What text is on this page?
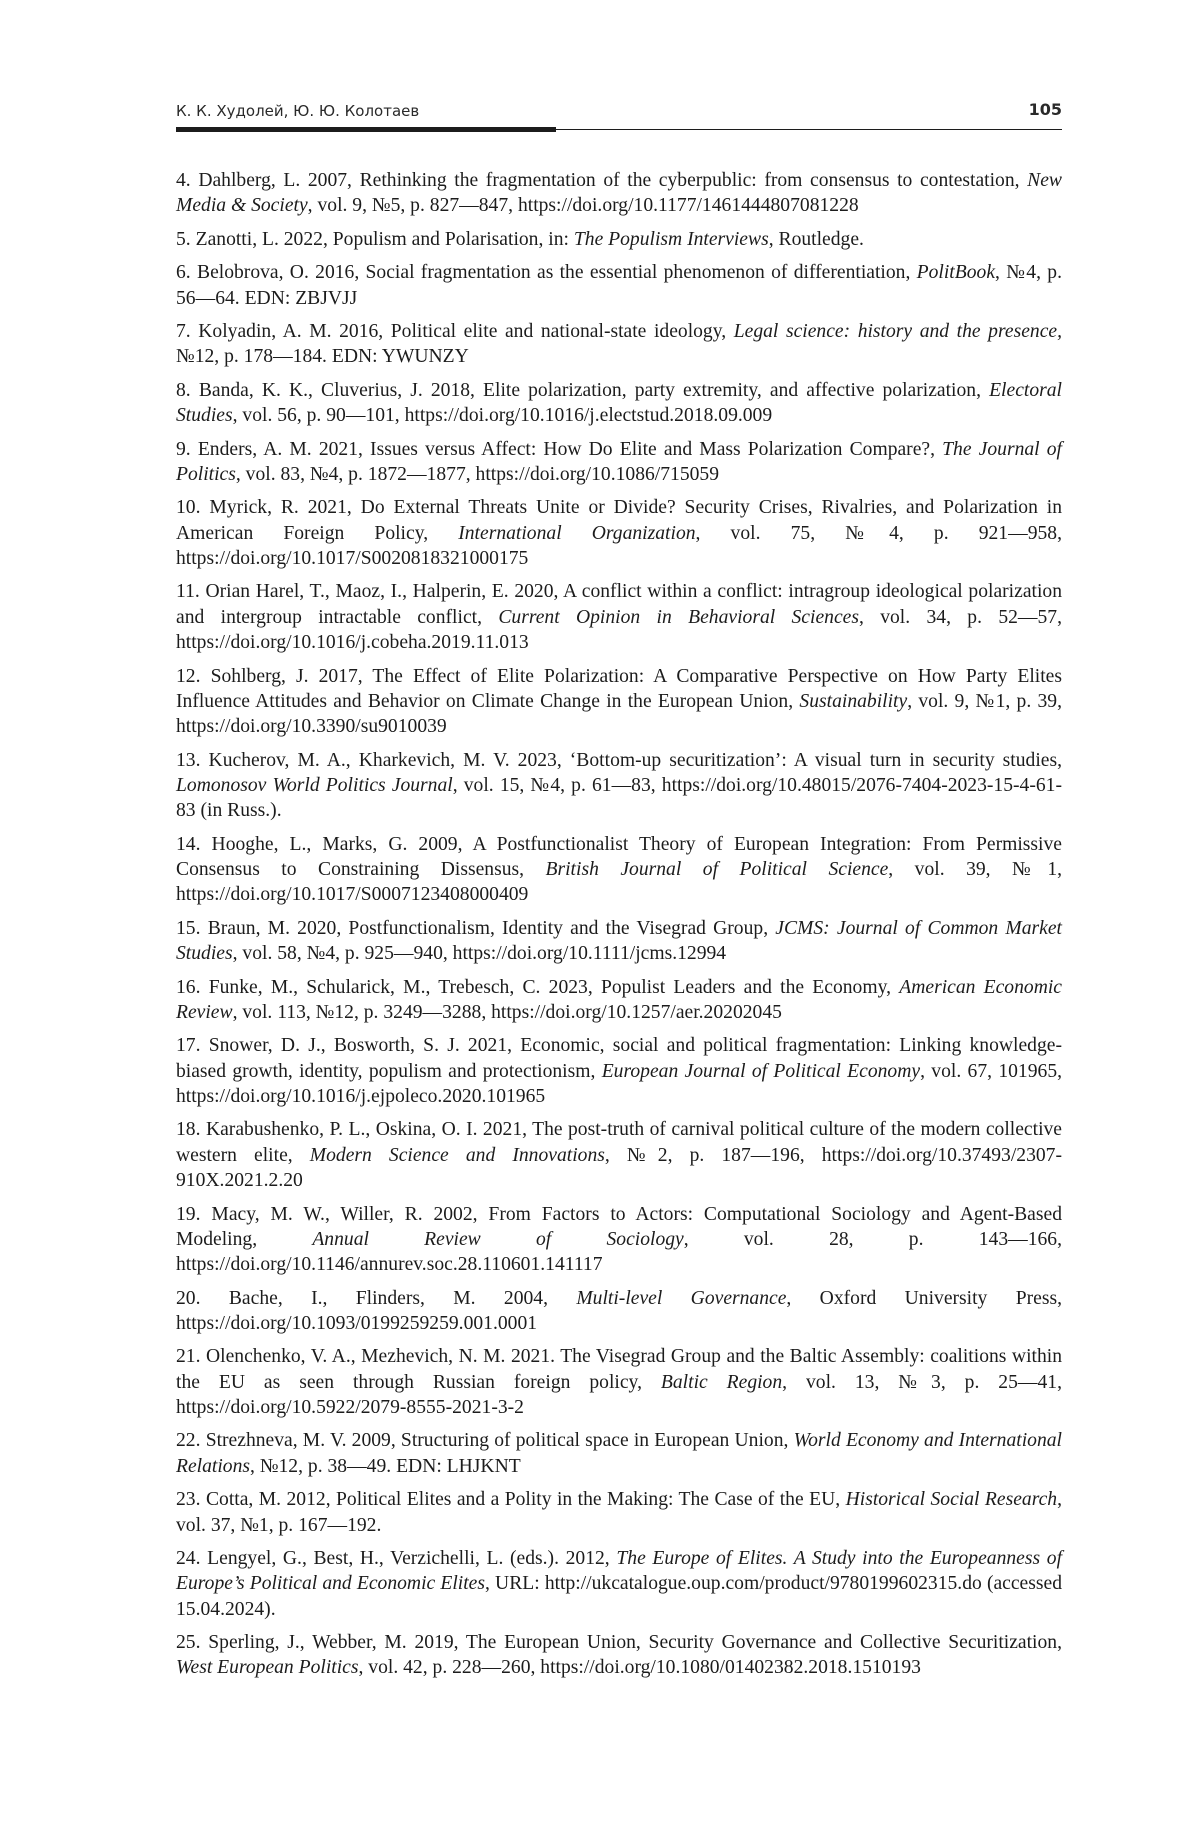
К. К. Худолей, Ю. Ю. Колотаев	105
4. Dahlberg, L. 2007, Rethinking the fragmentation of the cyberpublic: from consensus to contestation, New Media & Society, vol. 9, №5, p. 827—847, https://doi.org/10.1177/1461444807081228
5. Zanotti, L. 2022, Populism and Polarisation, in: The Populism Interviews, Routledge.
6. Belobrova, O. 2016, Social fragmentation as the essential phenomenon of differentiation, PolitBook, №4, p. 56—64. EDN: ZBJVJJ
7. Kolyadin, A. M. 2016, Political elite and national-state ideology, Legal science: history and the presence, №12, p. 178—184. EDN: YWUNZY
8. Banda, K. K., Cluverius, J. 2018, Elite polarization, party extremity, and affective polarization, Electoral Studies, vol. 56, p. 90—101, https://doi.org/10.1016/j.electstud.2018.09.009
9. Enders, A. M. 2021, Issues versus Affect: How Do Elite and Mass Polarization Compare?, The Journal of Politics, vol. 83, №4, p. 1872—1877, https://doi.org/10.1086/715059
10. Myrick, R. 2021, Do External Threats Unite or Divide? Security Crises, Rivalries, and Polarization in American Foreign Policy, International Organization, vol. 75, №4, p. 921—958, https://doi.org/10.1017/S0020818321000175
11. Orian Harel, T., Maoz, I., Halperin, E. 2020, A conflict within a conflict: intragroup ideological polarization and intergroup intractable conflict, Current Opinion in Behavioral Sciences, vol. 34, p. 52—57, https://doi.org/10.1016/j.cobeha.2019.11.013
12. Sohlberg, J. 2017, The Effect of Elite Polarization: A Comparative Perspective on How Party Elites Influence Attitudes and Behavior on Climate Change in the European Union, Sustainability, vol. 9, №1, p. 39, https://doi.org/10.3390/su9010039
13. Kucherov, M. A., Kharkevich, M. V. 2023, ‘Bottom-up securitization’: A visual turn in security studies, Lomonosov World Politics Journal, vol. 15, №4, p. 61—83, https://doi.org/10.48015/2076-7404-2023-15-4-61-83 (in Russ.).
14. Hooghe, L., Marks, G. 2009, A Postfunctionalist Theory of European Integration: From Permissive Consensus to Constraining Dissensus, British Journal of Political Science, vol. 39, №1, https://doi.org/10.1017/S0007123408000409
15. Braun, M. 2020, Postfunctionalism, Identity and the Visegrad Group, JCMS: Journal of Common Market Studies, vol. 58, №4, p. 925—940, https://doi.org/10.1111/jcms.12994
16. Funke, M., Schularick, M., Trebesch, C. 2023, Populist Leaders and the Economy, American Economic Review, vol. 113, №12, p. 3249—3288, https://doi.org/10.1257/aer.20202045
17. Snower, D. J., Bosworth, S. J. 2021, Economic, social and political fragmentation: Linking knowledge-biased growth, identity, populism and protectionism, European Journal of Political Economy, vol. 67, 101965, https://doi.org/10.1016/j.ejpoleco.2020.101965
18. Karabushenko, P. L., Oskina, O. I. 2021, The post-truth of carnival political culture of the modern collective western elite, Modern Science and Innovations, №2, p. 187—196, https://doi.org/10.37493/2307-910X.2021.2.20
19. Macy, M. W., Willer, R. 2002, From Factors to Actors: Computational Sociology and Agent-Based Modeling,	Annual Review of Sociology, vol. 28, p. 143—166, https://doi.org/10.1146/annurev.soc.28.110601.141117
20. Bache, I., Flinders, M. 2004, Multi-level Governance, Oxford University Press, https://doi.org/10.1093/0199259259.001.0001
21. Olenchenko, V. A., Mezhevich, N. M. 2021. The Visegrad Group and the Baltic Assembly: coalitions within the EU as seen through Russian foreign policy, Baltic Region, vol. 13, №3, p. 25—41, https://doi.org/10.5922/2079-8555-2021-3-2
22. Strezhneva, M. V. 2009, Structuring of political space in European Union, World Economy and International Relations, №12, p. 38—49. EDN: LHJKNT
23. Cotta, M. 2012, Political Elites and a Polity in the Making: The Case of the EU, Historical Social Research, vol. 37, №1, p. 167—192.
24. Lengyel, G., Best, H., Verzichelli, L. (eds.). 2012, The Europe of Elites. A Study into the Europeanness of Europe’s Political and Economic Elites, URL: http://ukcatalogue.oup.com/product/9780199602315.do (accessed 15.04.2024).
25. Sperling, J., Webber, M. 2019, The European Union, Security Governance and Collective Securitization, West European Politics, vol. 42, p. 228—260, https://doi.org/10.1080/01402382.2018.1510193
